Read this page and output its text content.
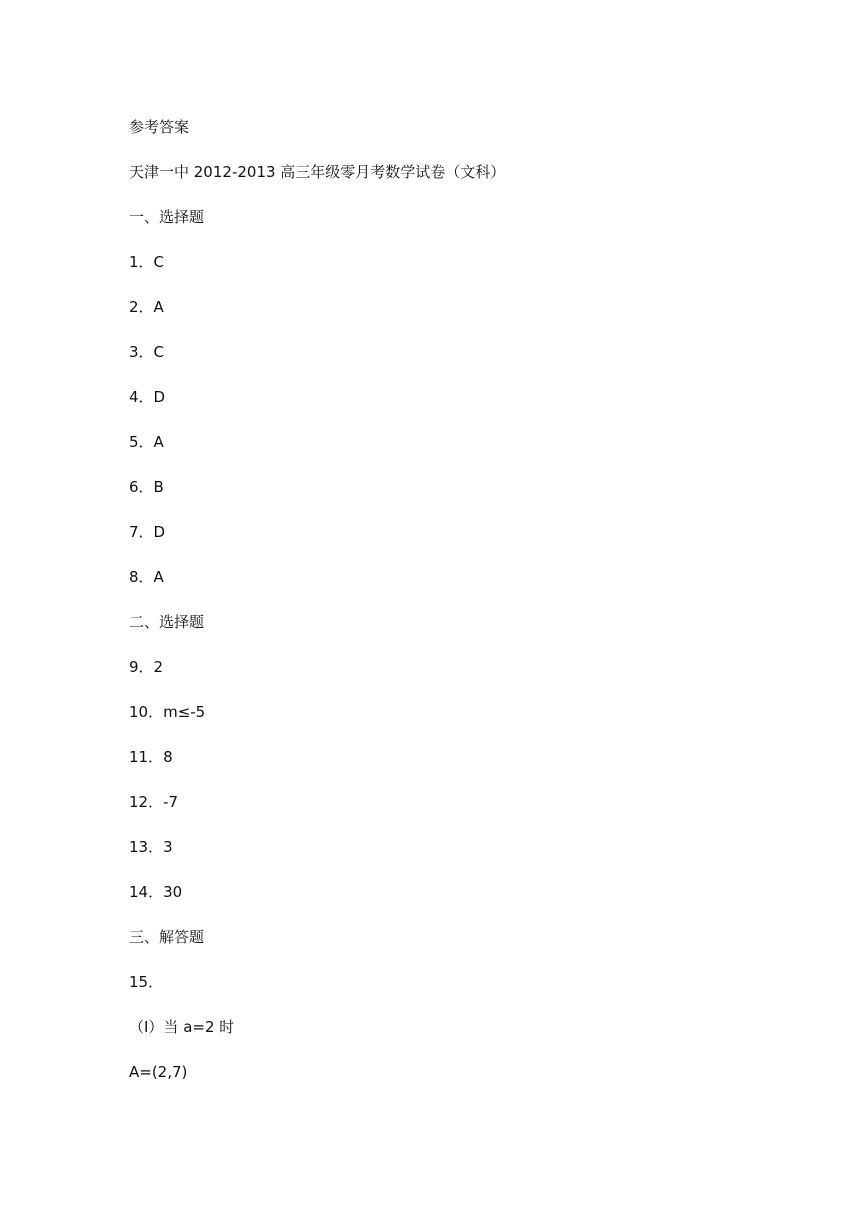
参考答案
天津一中 2012-2013 高三年级零月考数学试卷（文科）
一、选择题
1．C
2．A
3．C
4．D
5．A
6．B
7．D
8．A
二、选择题
9．2
10．m≤-5
11．8
12．-7
13．3
14．30
三、解答题
15．
（I）当 a=2 时
A=(2,7)
